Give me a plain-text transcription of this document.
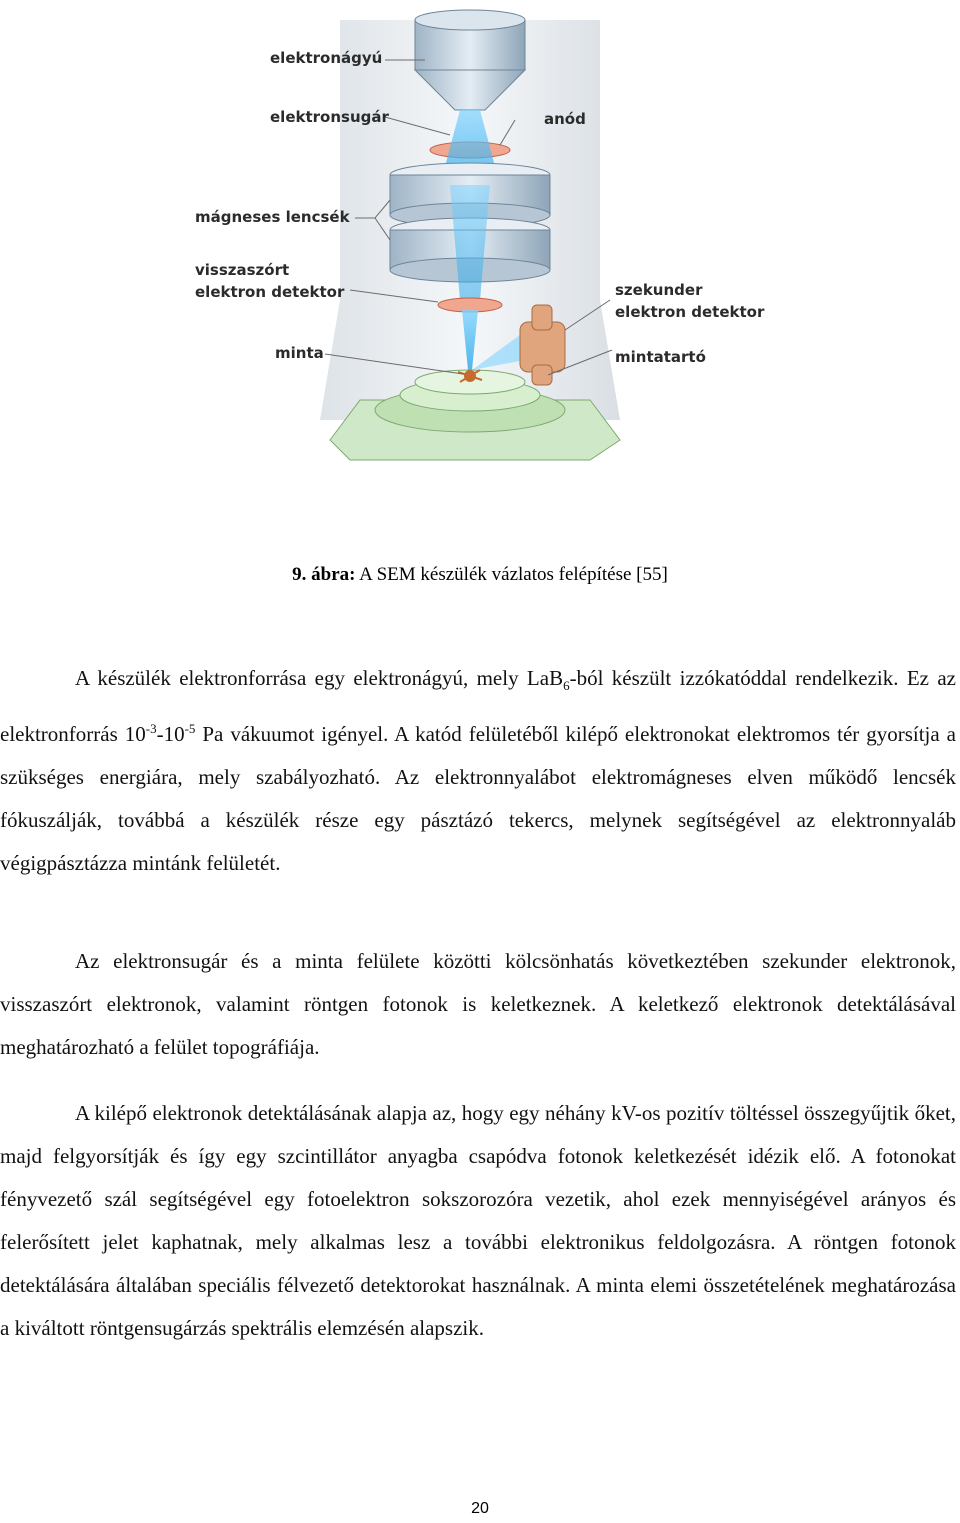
elektronágyú
elektronsugár	anód
mágneses lencsék
visszaszórt
elektron detektor	szekunder
elektron detektor
minta	mintatartó
9. ábra: A SEM készülék vázlatos felépítése [55]

A készülék elektronforrása egy elektronágyú, mely LaB$_6$-ból készült izzókatóddal rendelkezik. Ez az elektronforrás $10^{-3}-10^{-5}$ Pa vákuumot igényel. A katód felületéből kilépő elektronokat elektromos tér gyorsítja a szükséges energiára, mely szabályozható. Az elektronnyalábot elektromágneses elven működő lencsék fókuszálják, továbbá a készülék része egy pásztázó tekercs, melynek segítségével az elektronnyaláb végigpásztázza mintánk felületét.

Az elektronsugár és a minta felülete közötti kölcsönhatás következtében szekunder elektronok, visszaszórt elektronok, valamint röntgen fotonok is keletkeznek. A keletkező elektronok detektálásával meghatározható a felület topográfiája.

A kilépő elektronok detektálásának alapja az, hogy egy néhány kV-os pozitív töltéssel összegyűjtik őket, majd felgyorsítják és így egy szcintillátor anyagba csapódva fotonok keletkezését idézik elő. A fotonokat fényvezető szál segítségével egy fotoelektron sokszorozóra vezetik, ahol ezek mennyiségével arányos és felerősített jelet kaphatnak, mely alkalmas lesz a további elektronikus feldolgozásra. A röntgen fotonok detektálására általában speciális félvezető detektorokat használnak. A minta elemi összetételének meghatározása a kiváltott röntgensugárzás spektrális elemzésén alapszik.

20
